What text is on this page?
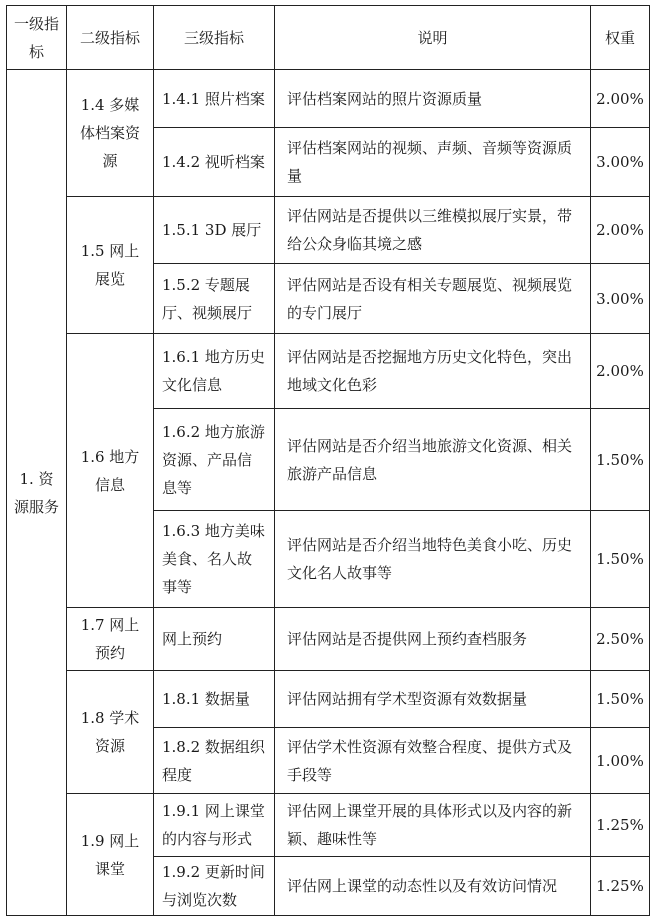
一级指标	二级指标	三级指标	说明	权重
1. 资源服务	1.4 多媒体档案资源	1.4.1 照片档案	评估档案网站的照片资源质量	2.00%
		1.4.2 视听档案	评估档案网站的视频、声频、音频等资源质量	3.00%
	1.5 网上展览	1.5.1 3D 展厅	评估网站是否提供以三维模拟展厅实景，带给公众身临其境之感	2.00%
		1.5.2 专题展厅、视频展厅	评估网站是否设有相关专题展览、视频展览的专门展厅	3.00%
	1.6 地方信息	1.6.1 地方历史文化信息	评估网站是否挖掘地方历史文化特色，突出地域文化色彩	2.00%
		1.6.2 地方旅游资源、产品信息等	评估网站是否介绍当地旅游文化资源、相关旅游产品信息	1.50%
		1.6.3 地方美味美食、名人故事等	评估网站是否介绍当地特色美食小吃、历史文化名人故事等	1.50%
	1.7 网上预约	网上预约	评估网站是否提供网上预约查档服务	2.50%
	1.8 学术资源	1.8.1 数据量	评估网站拥有学术型资源有效数据量	1.50%
		1.8.2 数据组织程度	评估学术性资源有效整合程度、提供方式及手段等	1.00%
	1.9 网上课堂	1.9.1 网上课堂的内容与形式	评估网上课堂开展的具体形式以及内容的新颖、趣味性等	1.25%
		1.9.2 更新时间与浏览次数	评估网上课堂的动态性以及有效访问情况	1.25%
